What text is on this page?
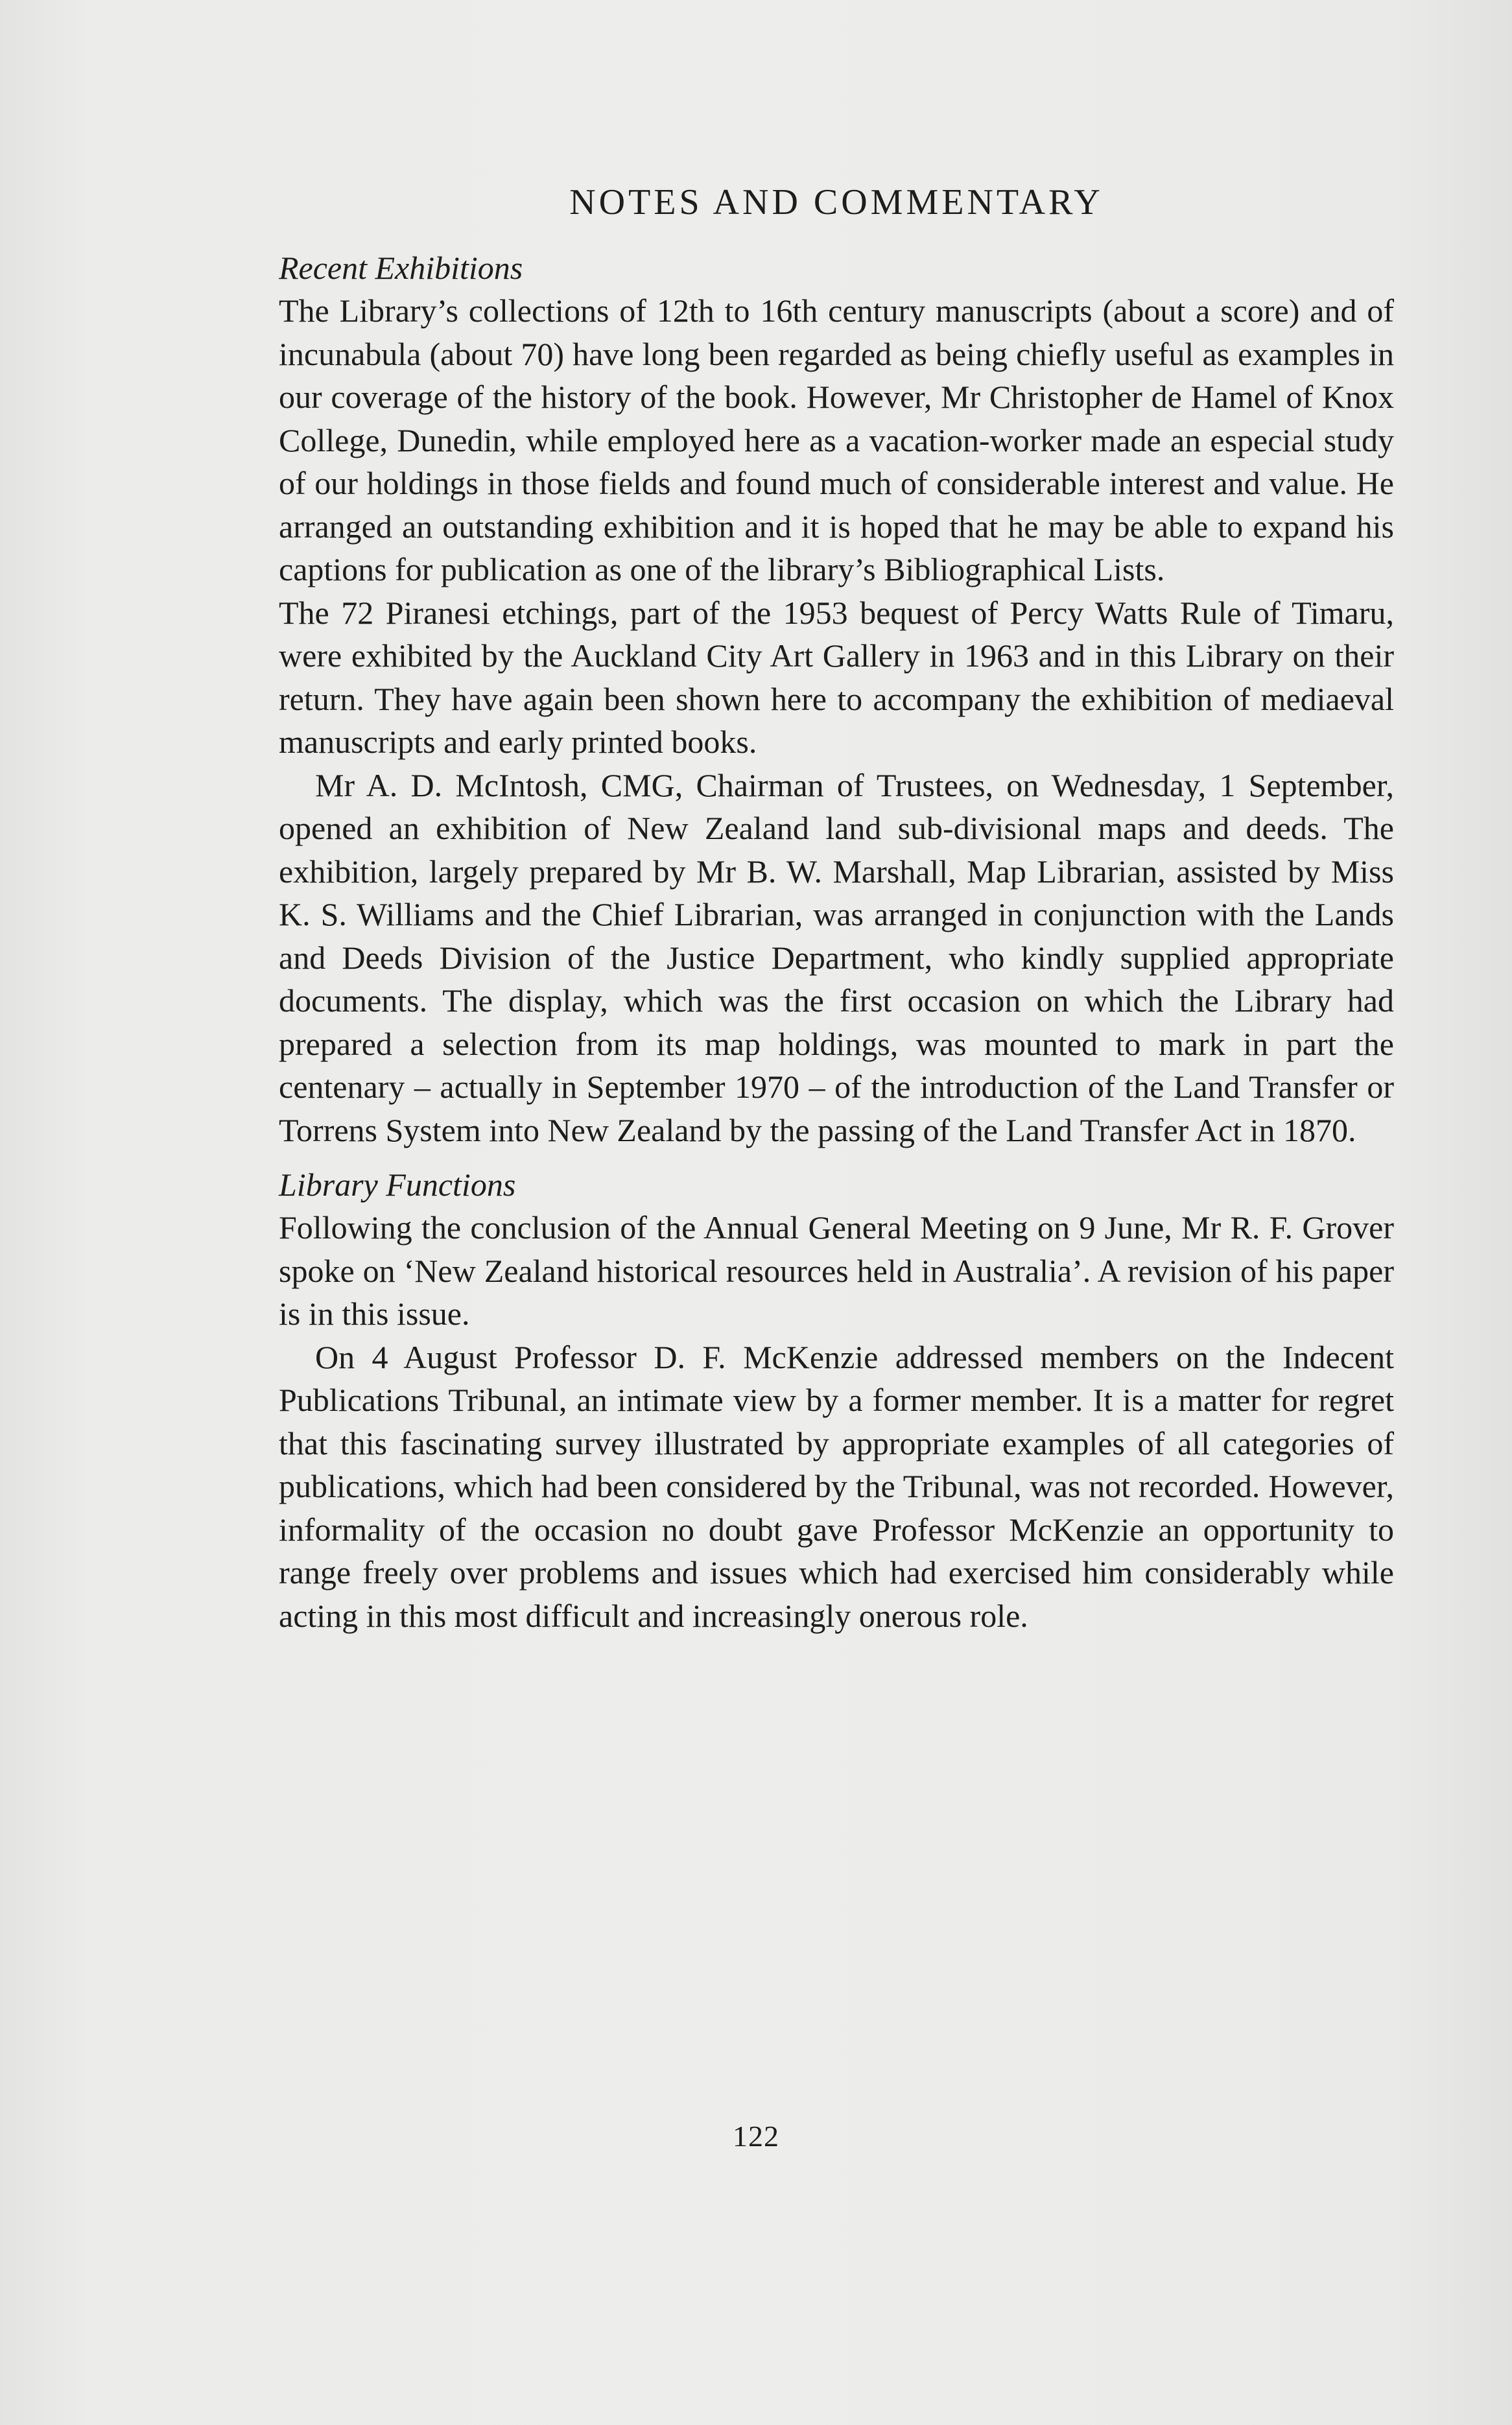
NOTES AND COMMENTARY
Recent Exhibitions

The Library’s collections of 12th to 16th century manuscripts (about a score) and of incunabula (about 70) have long been regarded as being chiefly useful as examples in our coverage of the history of the book. However, Mr Christopher de Hamel of Knox College, Dunedin, while employed here as a vacation-worker made an especial study of our holdings in those fields and found much of considerable interest and value. He arranged an outstanding exhibition and it is hoped that he may be able to expand his captions for publication as one of the library’s Bibliographical Lists.

The 72 Piranesi etchings, part of the 1953 bequest of Percy Watts Rule of Timaru, were exhibited by the Auckland City Art Gallery in 1963 and in this Library on their return. They have again been shown here to accompany the exhibition of mediaeval manuscripts and early printed books.

Mr A. D. McIntosh, CMG, Chairman of Trustees, on Wednesday, 1 September, opened an exhibition of New Zealand land sub-divisional maps and deeds. The exhibition, largely prepared by Mr B. W. Marshall, Map Librarian, assisted by Miss K. S. Williams and the Chief Librarian, was arranged in conjunction with the Lands and Deeds Division of the Justice Department, who kindly supplied appropriate documents. The display, which was the first occasion on which the Library had prepared a selection from its map holdings, was mounted to mark in part the centenary – actually in September 1970 – of the introduction of the Land Transfer or Torrens System into New Zealand by the passing of the Land Transfer Act in 1870.

Library Functions

Following the conclusion of the Annual General Meeting on 9 June, Mr R. F. Grover spoke on ‘New Zealand historical resources held in Australia’. A revision of his paper is in this issue.

On 4 August Professor D. F. McKenzie addressed members on the Indecent Publications Tribunal, an intimate view by a former member. It is a matter for regret that this fascinating survey illustrated by appropriate examples of all categories of publications, which had been considered by the Tribunal, was not recorded. However, informality of the occasion no doubt gave Professor McKenzie an opportunity to range freely over problems and issues which had exercised him considerably while acting in this most difficult and increasingly onerous role.

122
